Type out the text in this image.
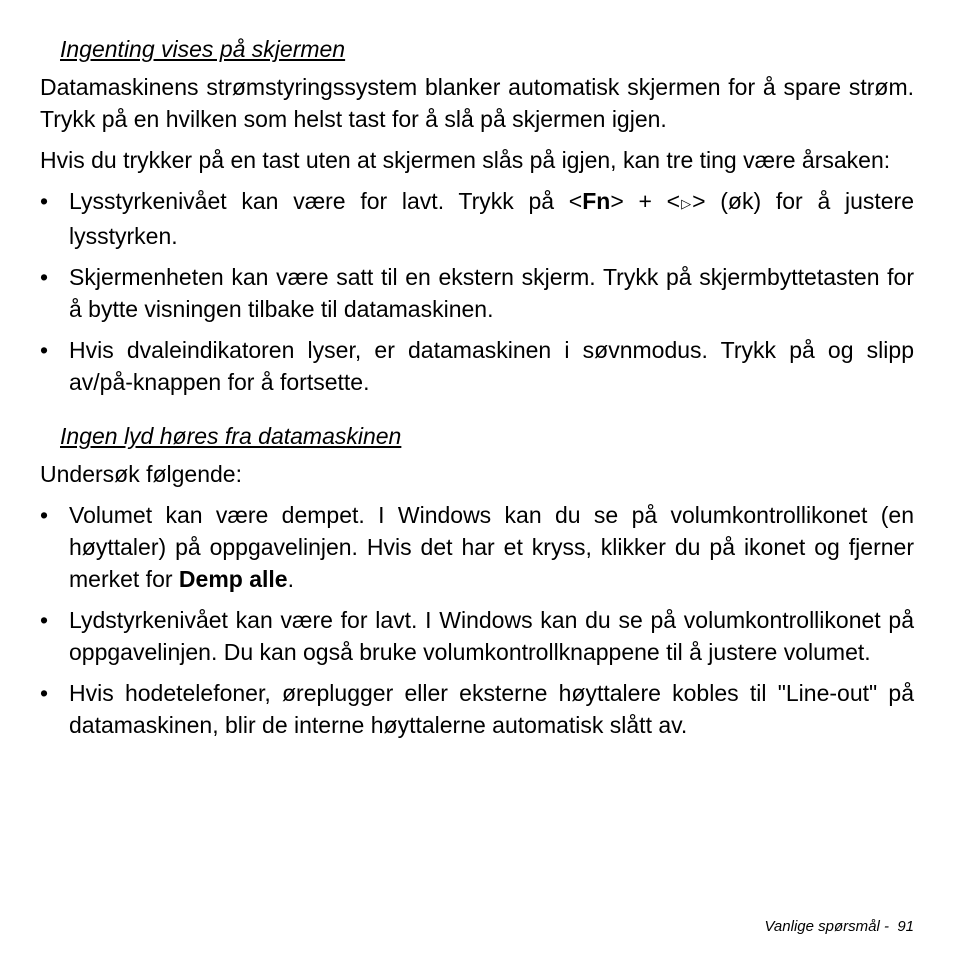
Ingenting vises på skjermen

Datamaskinens strømstyringssystem blanker automatisk skjermen for å spare strøm. Trykk på en hvilken som helst tast for å slå på skjermen igjen.

Hvis du trykker på en tast uten at skjermen slås på igjen, kan tre ting være årsaken:

• Lysstyrkenivået kan være for lavt. Trykk på <Fn> + <▷> (øk) for å justere lysstyrken.
• Skjermenheten kan være satt til en ekstern skjerm. Trykk på skjermbyttetasten for å bytte visningen tilbake til datamaskinen.
• Hvis dvaleindikatoren lyser, er datamaskinen i søvnmodus. Trykk på og slipp av/på-knappen for å fortsette.
Ingen lyd høres fra datamaskinen

Undersøk følgende:

• Volumet kan være dempet. I Windows kan du se på volumkontrollikonet (en høyttaler) på oppgavelinjen. Hvis det har et kryss, klikker du på ikonet og fjerner merket for Demp alle.
• Lydstyrkenivået kan være for lavt. I Windows kan du se på volumkontrollikonet på oppgavelinjen. Du kan også bruke volumkontrollknappene til å justere volumet.
• Hvis hodetelefoner, øreplugger eller eksterne høyttalere kobles til "Line-out" på datamaskinen, blir de interne høyttalerne automatisk slått av.
Vanlige spørsmål - 91
